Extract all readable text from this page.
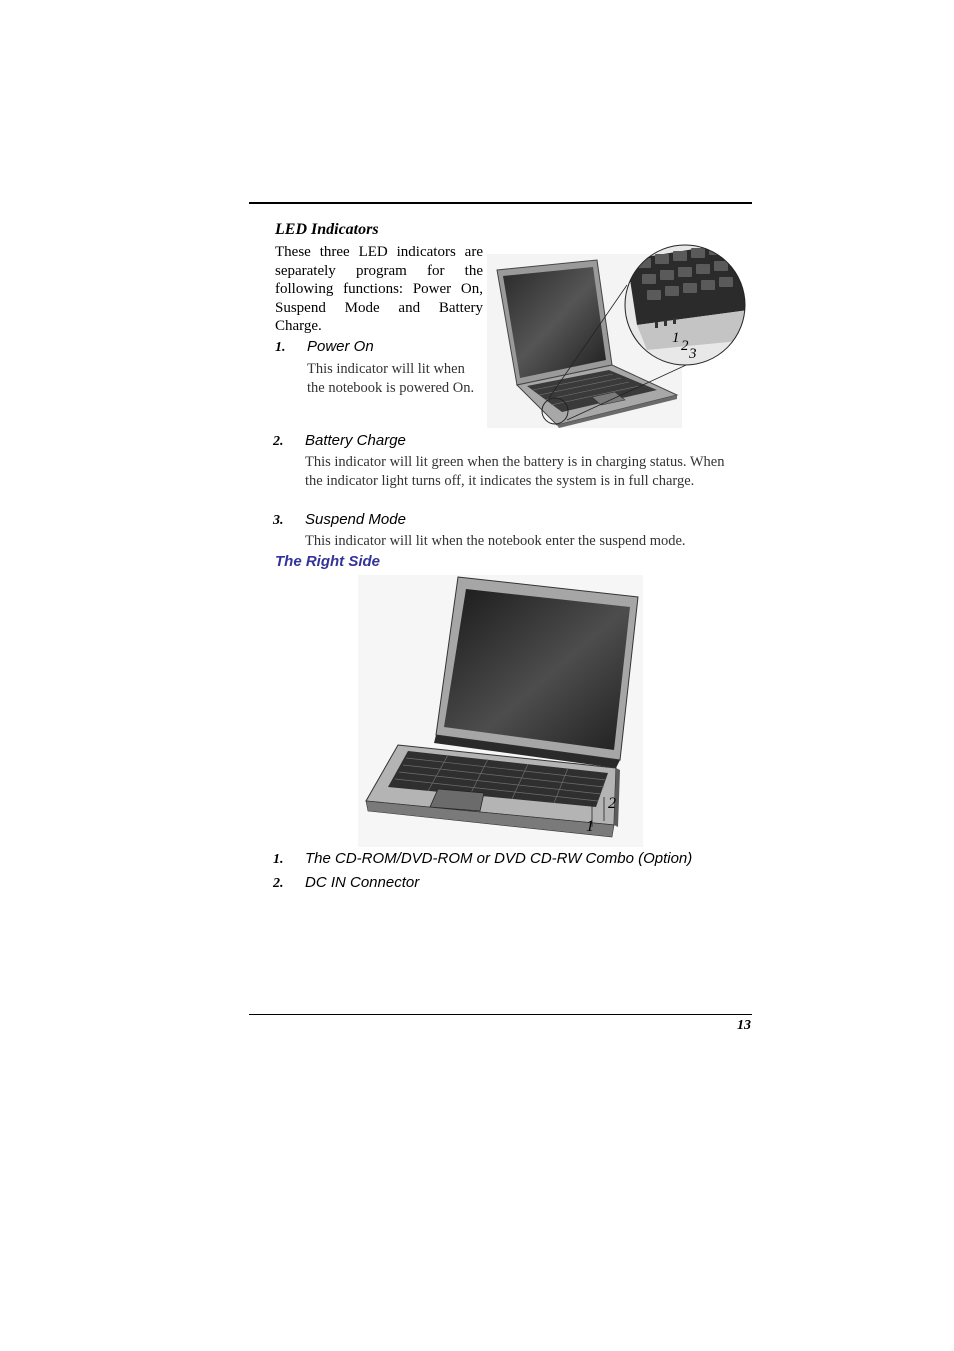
LED Indicators
These three LED indicators are separately program for the following functions: Power On, Suspend Mode and Battery Charge.
1. Power On
This indicator will lit when the notebook is powered On.
1 2 3
2. Battery Charge
This indicator will lit green when the battery is in charging status. When the indicator light turns off, it indicates the system is in full charge.
3. Suspend Mode
This indicator will lit when the notebook enter the suspend mode.
The Right Side
2
1
1. The CD-ROM/DVD-ROM or DVD CD-RW Combo (Option)
2. DC IN Connector
13
